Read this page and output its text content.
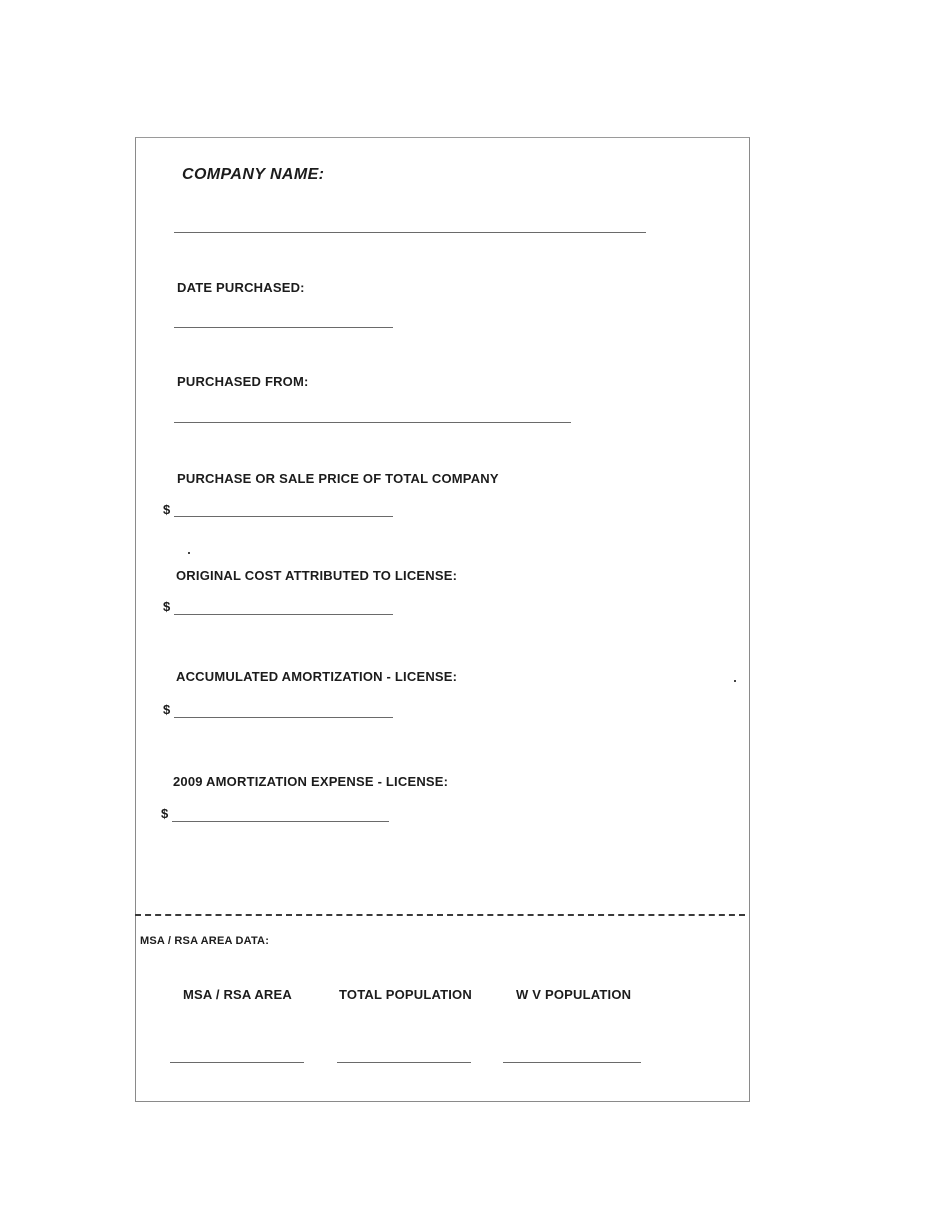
COMPANY NAME:
DATE PURCHASED:
PURCHASED FROM:
PURCHASE OR SALE PRICE OF TOTAL COMPANY
$
ORIGINAL COST ATTRIBUTED TO LICENSE:
$
ACCUMULATED AMORTIZATION - LICENSE:
$
2009 AMORTIZATION EXPENSE - LICENSE:
$
MSA / RSA AREA DATA:
MSA / RSA AREA	TOTAL POPULATION	W V POPULATION
